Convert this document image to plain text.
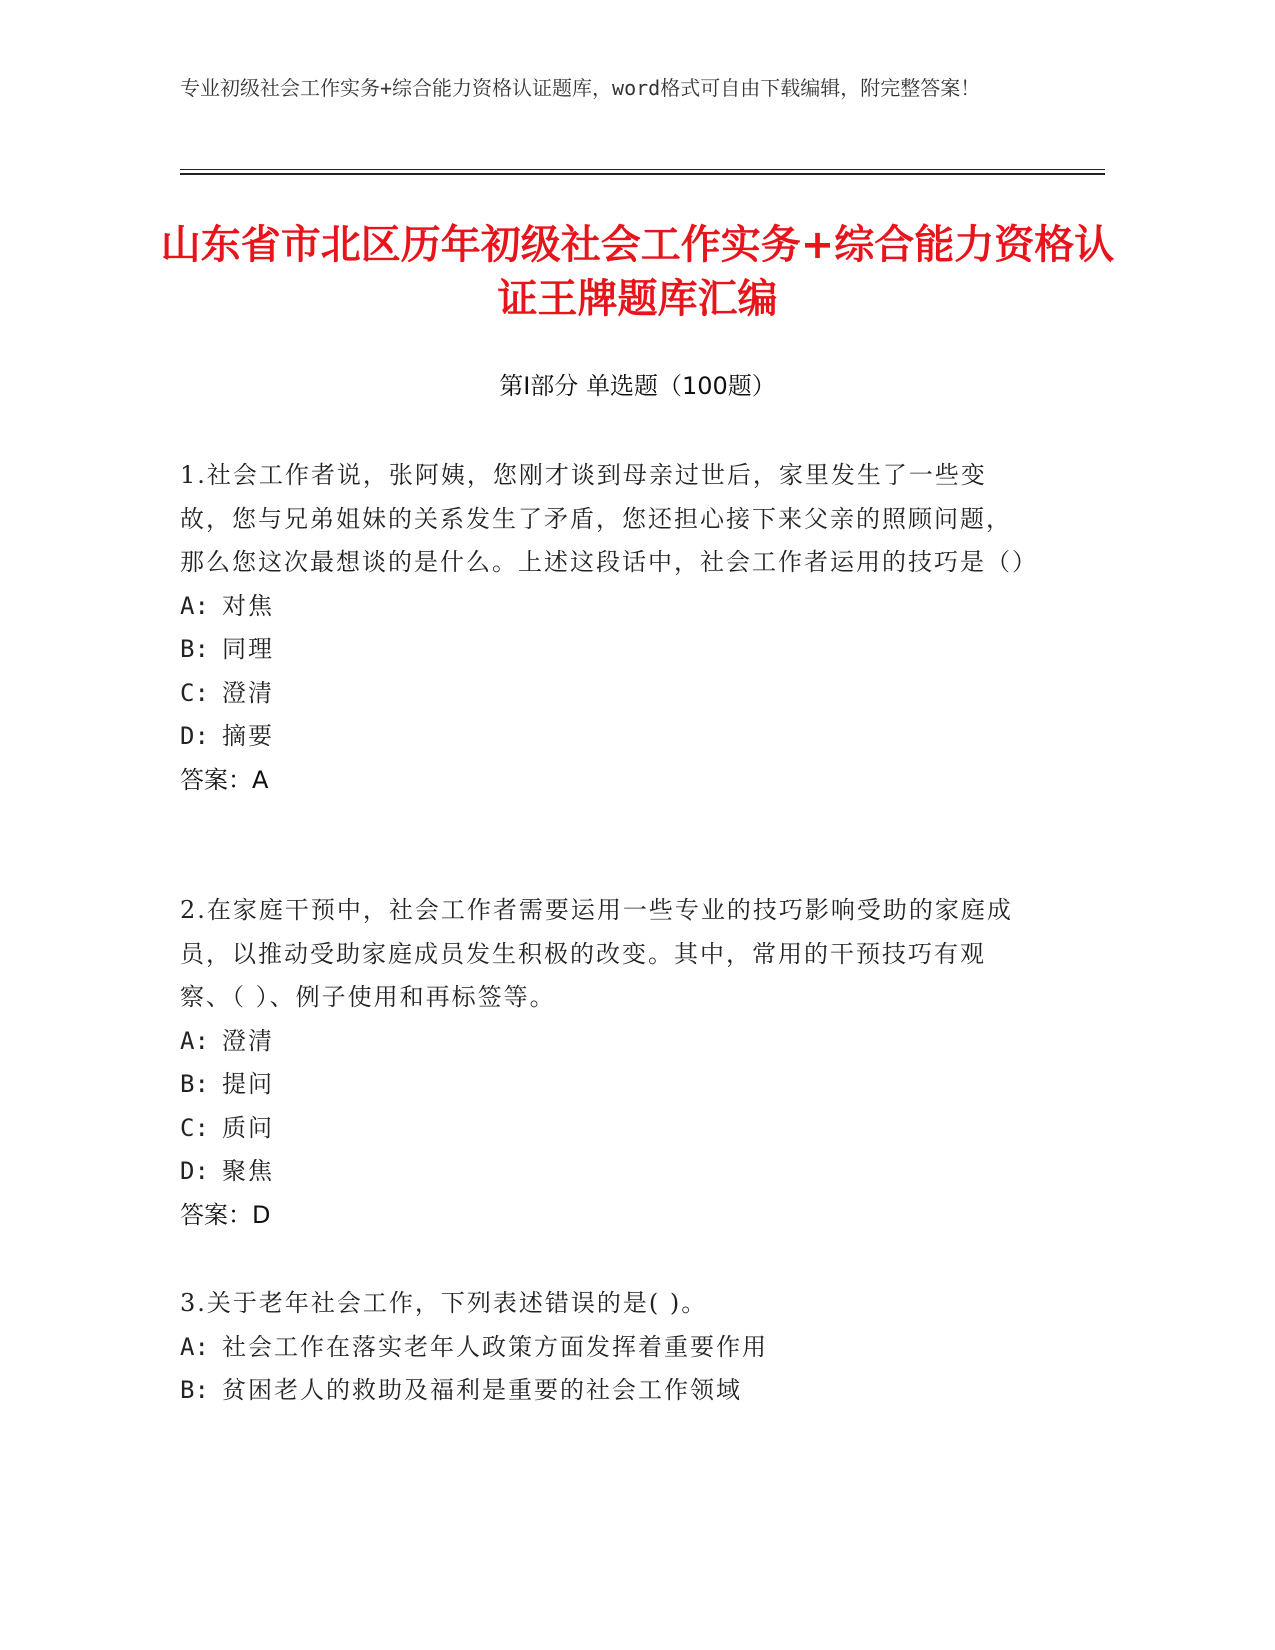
专业初级社会工作实务+综合能力资格认证题库，word格式可自由下载编辑，附完整答案！
山东省市北区历年初级社会工作实务+综合能力资格认证王牌题库汇编
第Ⅰ部分 单选题（100题）
1.社会工作者说，张阿姨，您刚才谈到母亲过世后，家里发生了一些变故，您与兄弟姐妹的关系发生了矛盾，您还担心接下来父亲的照顾问题，那么您这次最想谈的是什么。上述这段话中，社会工作者运用的技巧是（）
A: 对焦
B: 同理
C: 澄清
D: 摘要
答案：A
2.在家庭干预中，社会工作者需要运用一些专业的技巧影响受助的家庭成员，以推动受助家庭成员发生积极的改变。其中，常用的干预技巧有观察、（ ）、例子使用和再标签等。
A: 澄清
B: 提问
C: 质问
D: 聚焦
答案：D
3.关于老年社会工作，下列表述错误的是( )。
A: 社会工作在落实老年人政策方面发挥着重要作用
B: 贫困老人的救助及福利是重要的社会工作领域
